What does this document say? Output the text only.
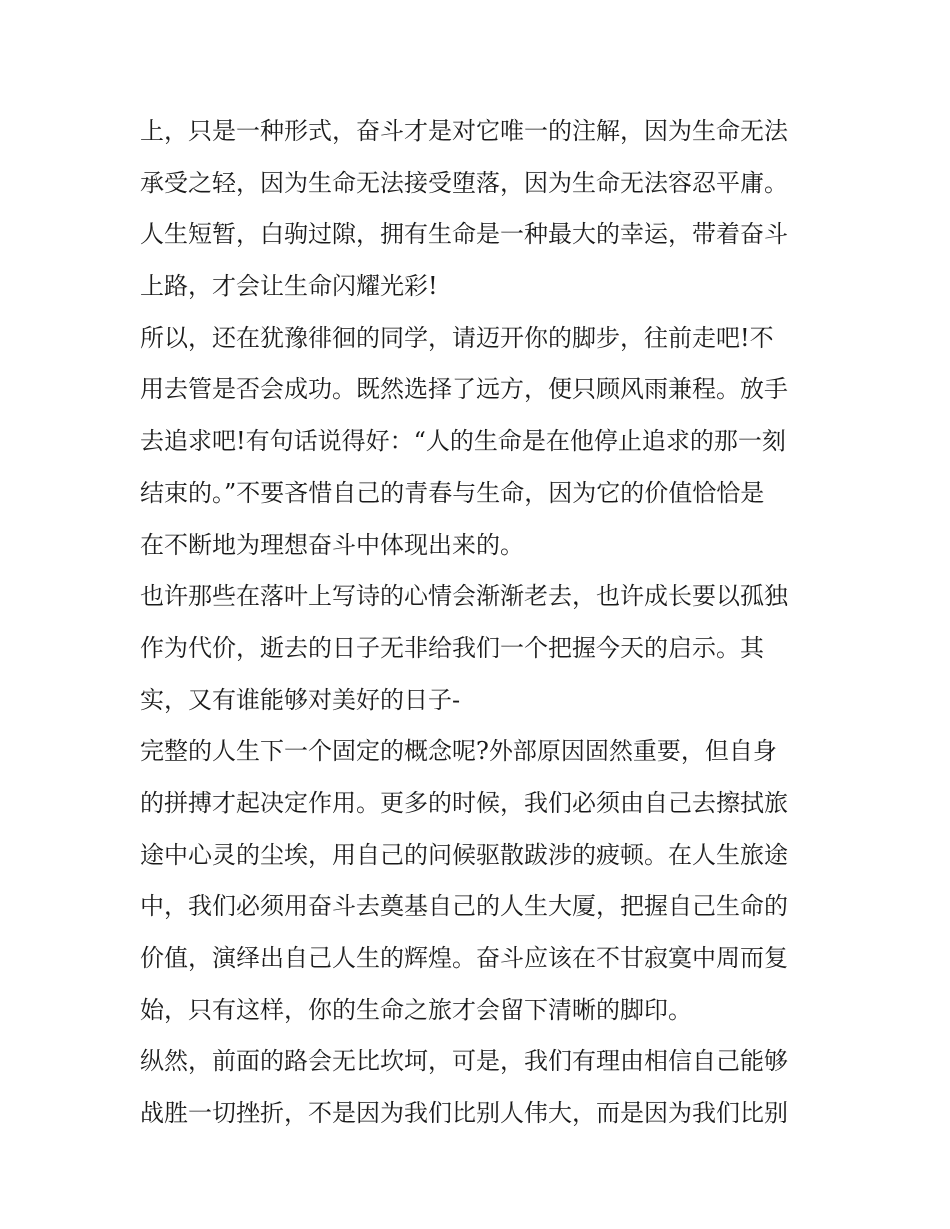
上，只是一种形式，奋斗才是对它唯一的注解，因为生命无法
承受之轻，因为生命无法接受堕落，因为生命无法容忍平庸。
人生短暂，白驹过隙，拥有生命是一种最大的幸运，带着奋斗
上路，才会让生命闪耀光彩!
所以，还在犹豫徘徊的同学，请迈开你的脚步，往前走吧!不
用去管是否会成功。既然选择了远方，便只顾风雨兼程。放手
去追求吧!有句话说得好：“人的生命是在他停止追求的那一刻
结束的。”不要吝惜自己的青春与生命，因为它的价值恰恰是
在不断地为理想奋斗中体现出来的。
也许那些在落叶上写诗的心情会渐渐老去，也许成长要以孤独
作为代价，逝去的日子无非给我们一个把握今天的启示。其
实，又有谁能够对美好的日子-
完整的人生下一个固定的概念呢?外部原因固然重要，但自身
的拼搏才起决定作用。更多的时候，我们必须由自己去擦拭旅
途中心灵的尘埃，用自己的问候驱散跋涉的疲顿。在人生旅途
中，我们必须用奋斗去奠基自己的人生大厦，把握自己生命的
价值，演绎出自己人生的辉煌。奋斗应该在不甘寂寞中周而复
始，只有这样，你的生命之旅才会留下清晰的脚印。
纵然，前面的路会无比坎坷，可是，我们有理由相信自己能够
战胜一切挫折，不是因为我们比别人伟大，而是因为我们比别
